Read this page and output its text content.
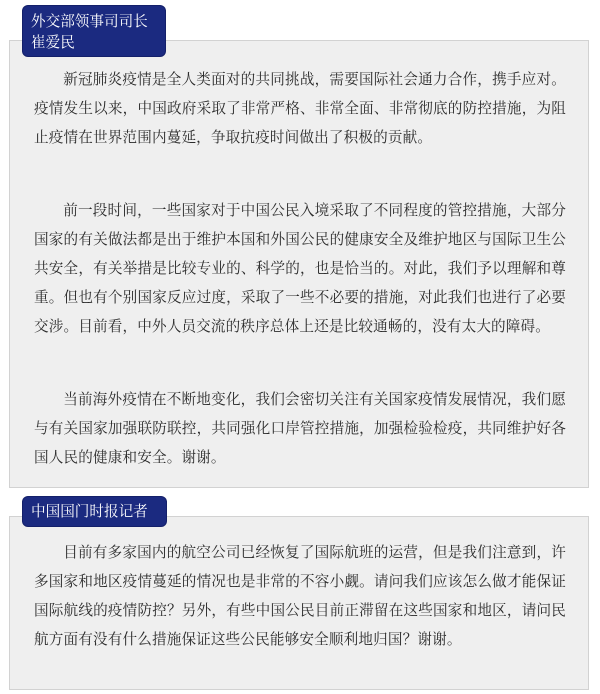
新冠肺炎疫情是全人类面对的共同挑战，需要国际社会通力合作，携手应对。疫情发生以来，中国政府采取了非常严格、非常全面、非常彻底的防控措施，为阻止疫情在世界范围内蔓延，争取抗疫时间做出了积极的贡献。

前一段时间，一些国家对于中国公民入境采取了不同程度的管控措施，大部分国家的有关做法都是出于维护本国和外国公民的健康安全及维护地区与国际卫生公共安全，有关举措是比较专业的、科学的，也是恰当的。对此，我们予以理解和尊重。但也有个别国家反应过度，采取了一些不必要的措施，对此我们也进行了必要交涉。目前看，中外人员交流的秩序总体上还是比较通畅的，没有太大的障碍。

当前海外疫情在不断地变化，我们会密切关注有关国家疫情发展情况，我们愿与有关国家加强联防联控，共同强化口岸管控措施，加强检验检疫，共同维护好各国人民的健康和安全。谢谢。

外交部领事司司长
崔爱民

目前有多家国内的航空公司已经恢复了国际航班的运营，但是我们注意到，许多国家和地区疫情蔓延的情况也是非常的不容小觑。请问我们应该怎么做才能保证国际航线的疫情防控？另外，有些中国公民目前正滞留在这些国家和地区，请问民航方面有没有什么措施保证这些公民能够安全顺利地归国？谢谢。

中国国门时报记者
